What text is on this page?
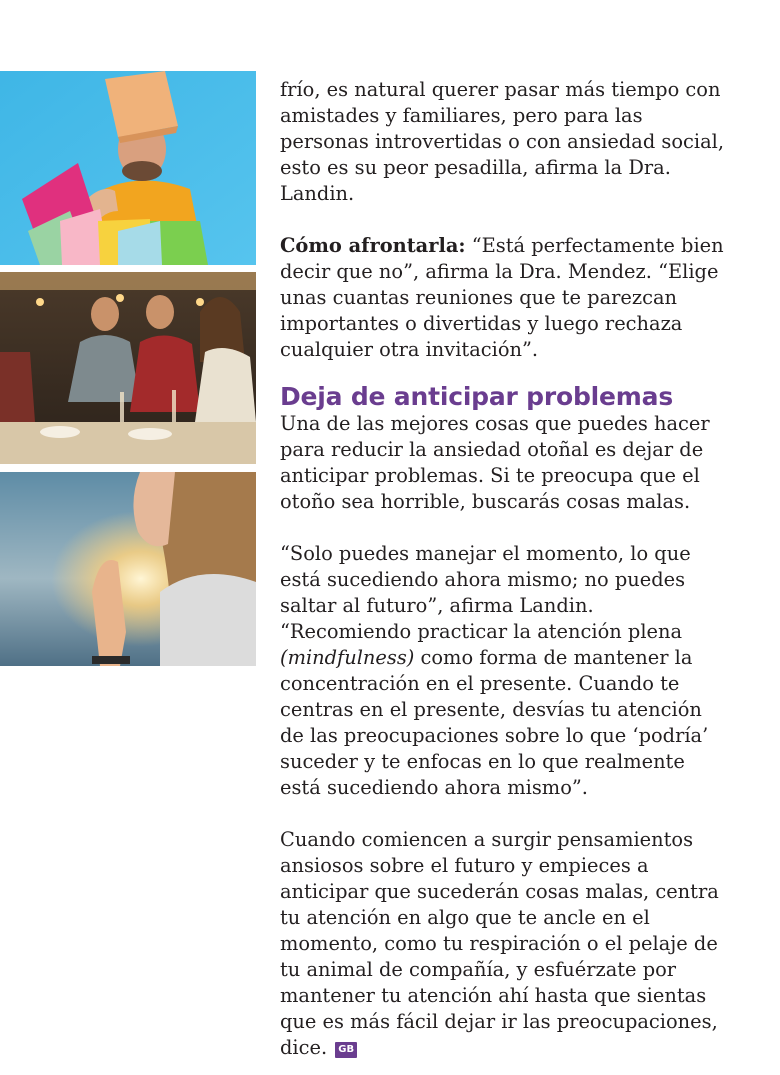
frío, es natural querer pasar más tiempo con amistades y familiares, pero para las personas introvertidas o con ansiedad social, esto es su peor pesadilla, afirma la Dra. Landin.

Cómo afrontarla: “Está perfectamente bien decir que no”, afirma la Dra. Mendez. “Elige unas cuantas reuniones que te parezcan importantes o divertidas y luego rechaza cualquier otra invitación”.

Deja de anticipar problemas

Una de las mejores cosas que puedes hacer para reducir la ansiedad otoñal es dejar de anticipar problemas. Si te preocupa que el otoño sea horrible, buscarás cosas malas.

“Solo puedes manejar el momento, lo que está sucediendo ahora mismo; no puedes saltar al futuro”, afirma Landin. “Recomiendo practicar la atención plena (mindfulness) como forma de mantener la concentración en el presente. Cuando te centras en el presente, desvías tu atención de las preocupaciones sobre lo que ‘podría’ suceder y te enfocas en lo que realmente está sucediendo ahora mismo”.

Cuando comiencen a surgir pensamientos ansiosos sobre el futuro y empieces a anticipar que sucederán cosas malas, centra tu atención en algo que te ancle en el momento, como tu respiración o el pelaje de tu animal de compañía, y esfuérzate por mantener tu atención ahí hasta que sientas que es más fácil dejar ir las preocupaciones, dice. GB
